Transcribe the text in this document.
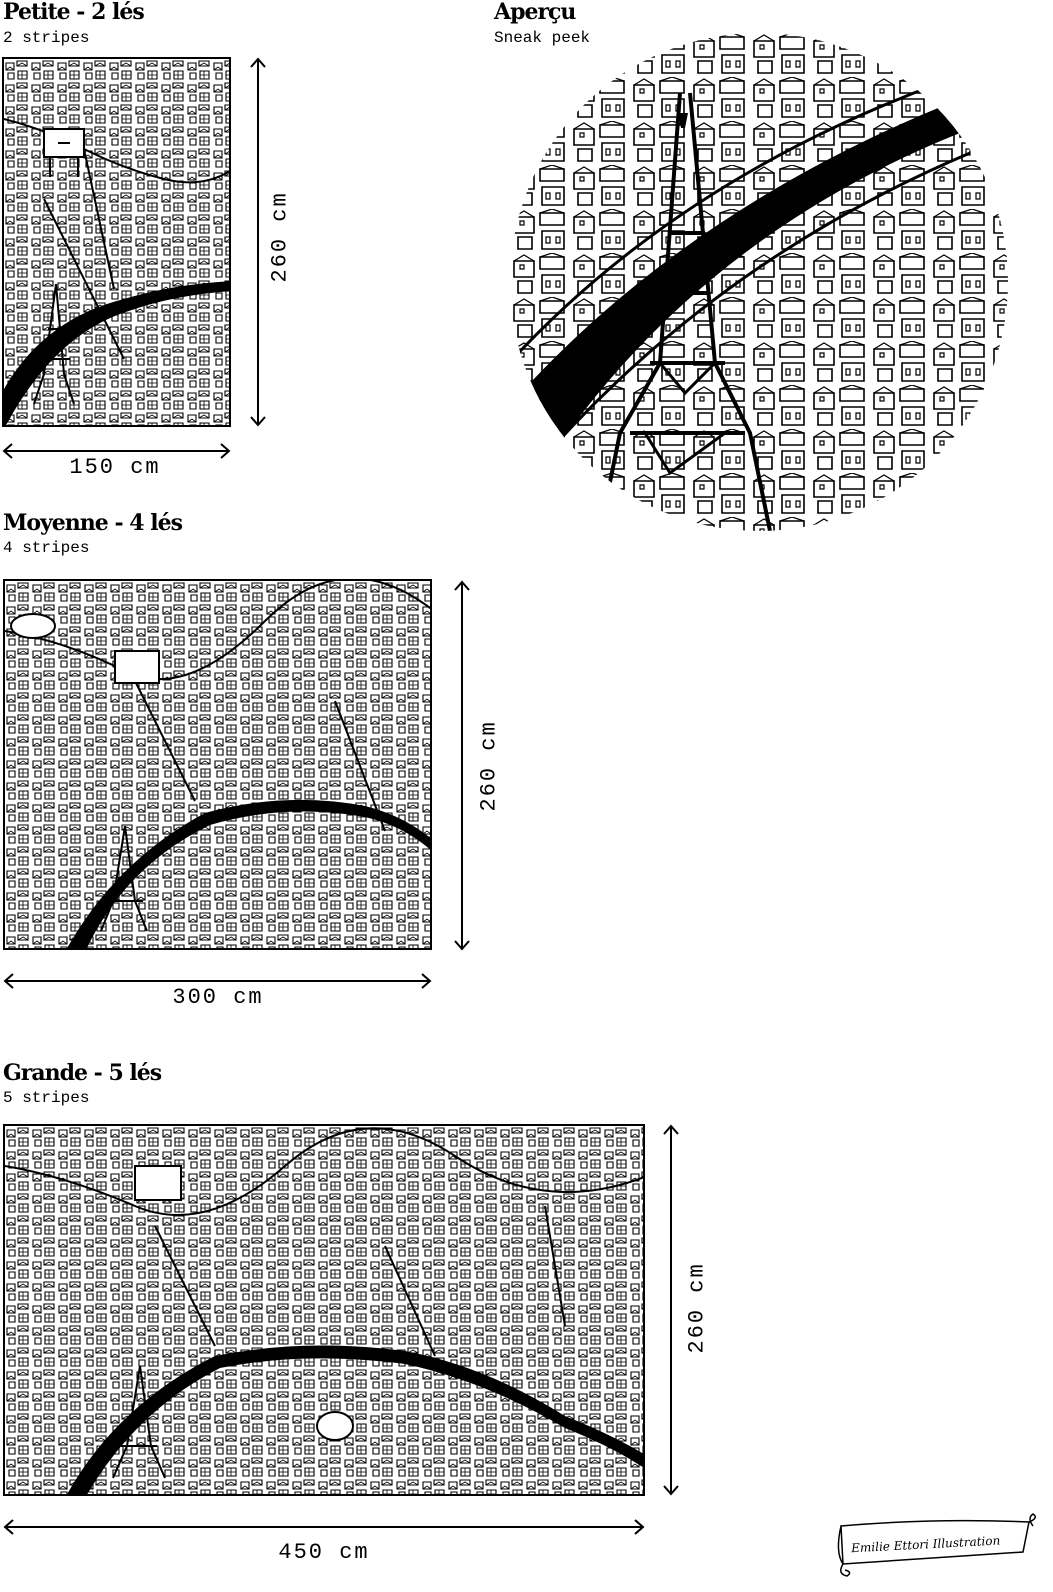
Petite - 2 lés
2 stripes
260 cm
150 cm
Aperçu
Sneak peek
Moyenne - 4 lés
4 stripes
260 cm
300 cm
Grande - 5 lés
5 stripes
260 cm
450 cm	Emilie Ettori Illustration
